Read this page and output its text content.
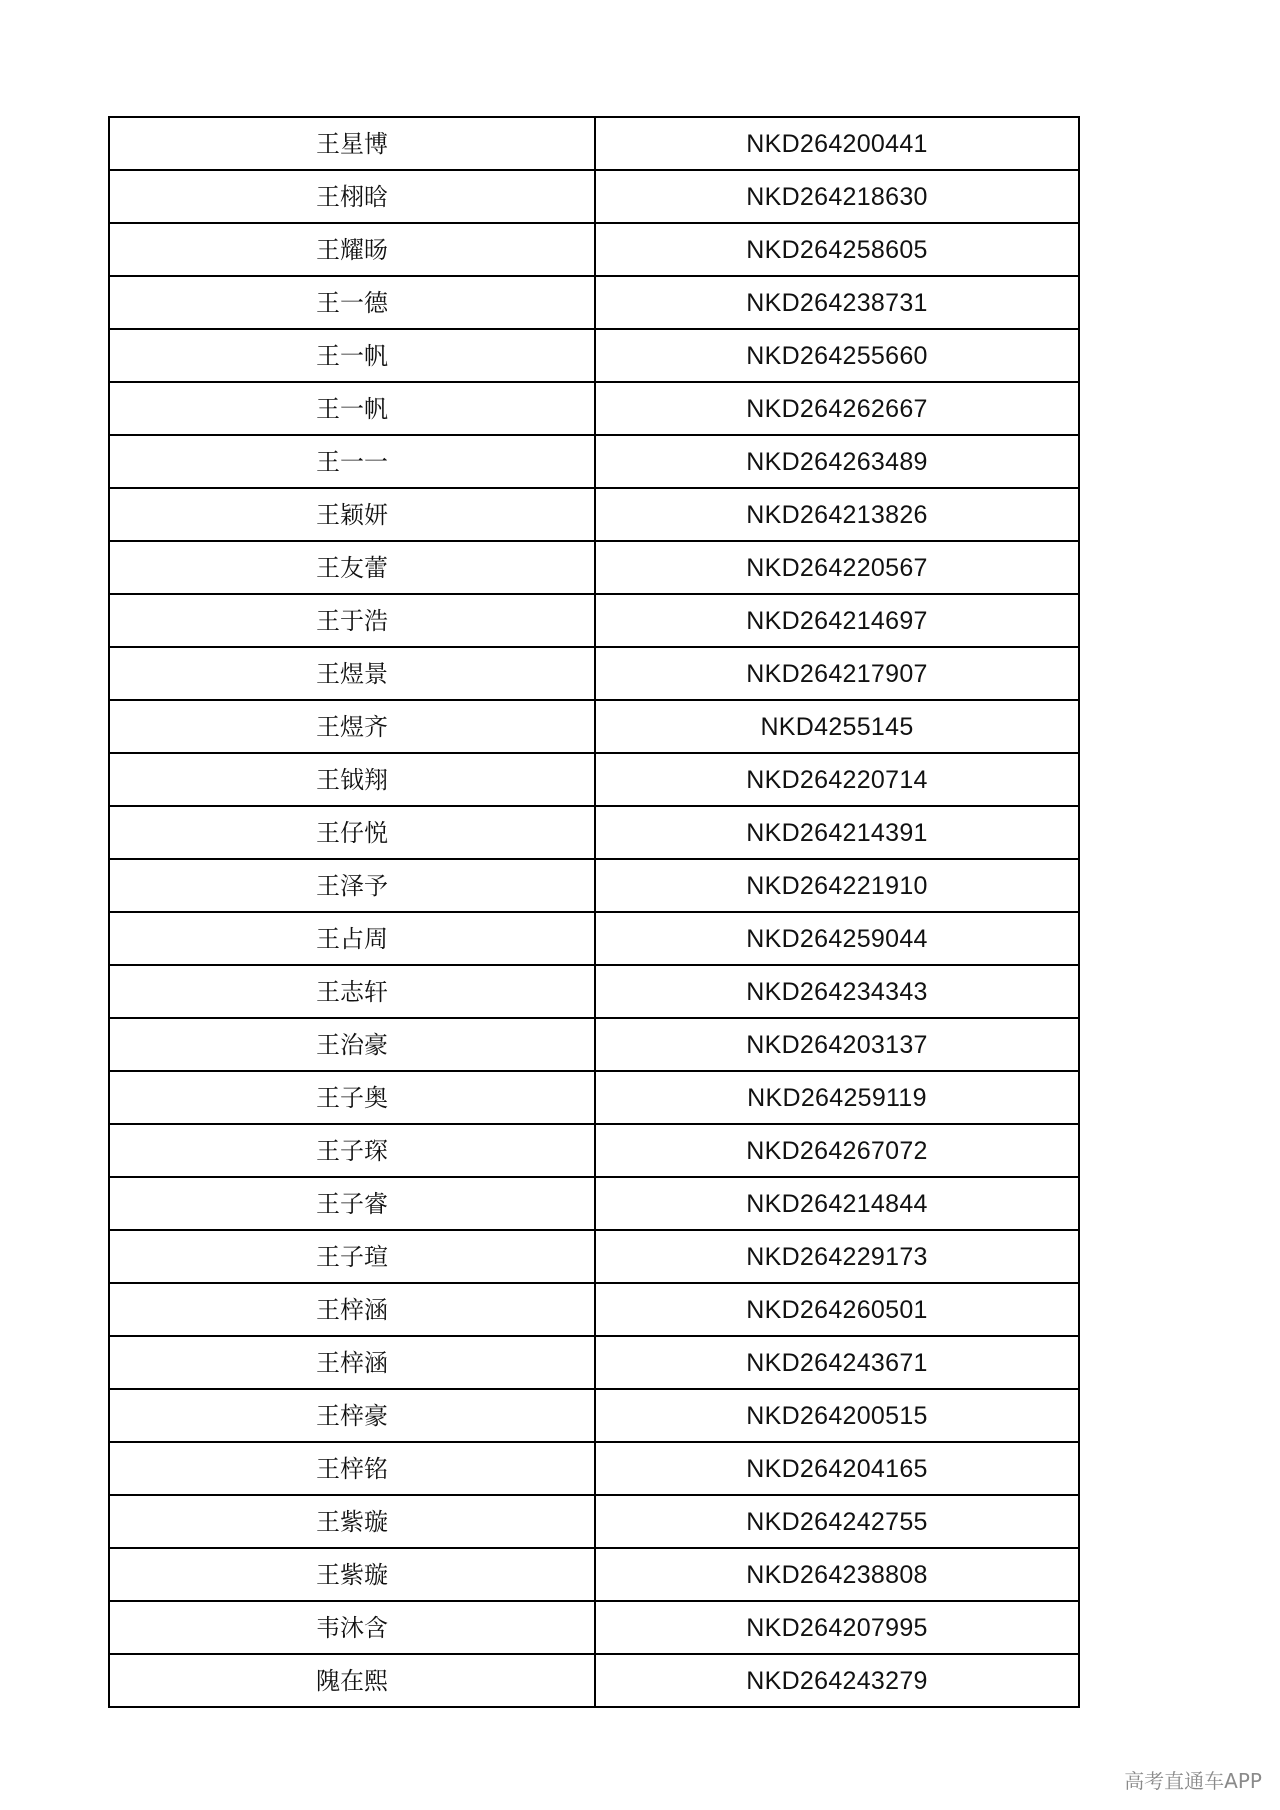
王星博	NKD264200441
王栩晗	NKD264218630
王耀旸	NKD264258605
王一德	NKD264238731
王一帆	NKD264255660
王一帆	NKD264262667
王一一	NKD264263489
王颖妍	NKD264213826
王友蕾	NKD264220567
王于浩	NKD264214697
王煜景	NKD264217907
王煜齐	NKD4255145
王钺翔	NKD264220714
王仔悦	NKD264214391
王泽予	NKD264221910
王占周	NKD264259044
王志轩	NKD264234343
王治豪	NKD264203137
王子奥	NKD264259119
王子琛	NKD264267072
王子睿	NKD264214844
王子瑄	NKD264229173
王梓涵	NKD264260501
王梓涵	NKD264243671
王梓豪	NKD264200515
王梓铭	NKD264204165
王紫璇	NKD264242755
王紫璇	NKD264238808
韦沐含	NKD264207995
隗在熙	NKD264243279
高考直通车APP
